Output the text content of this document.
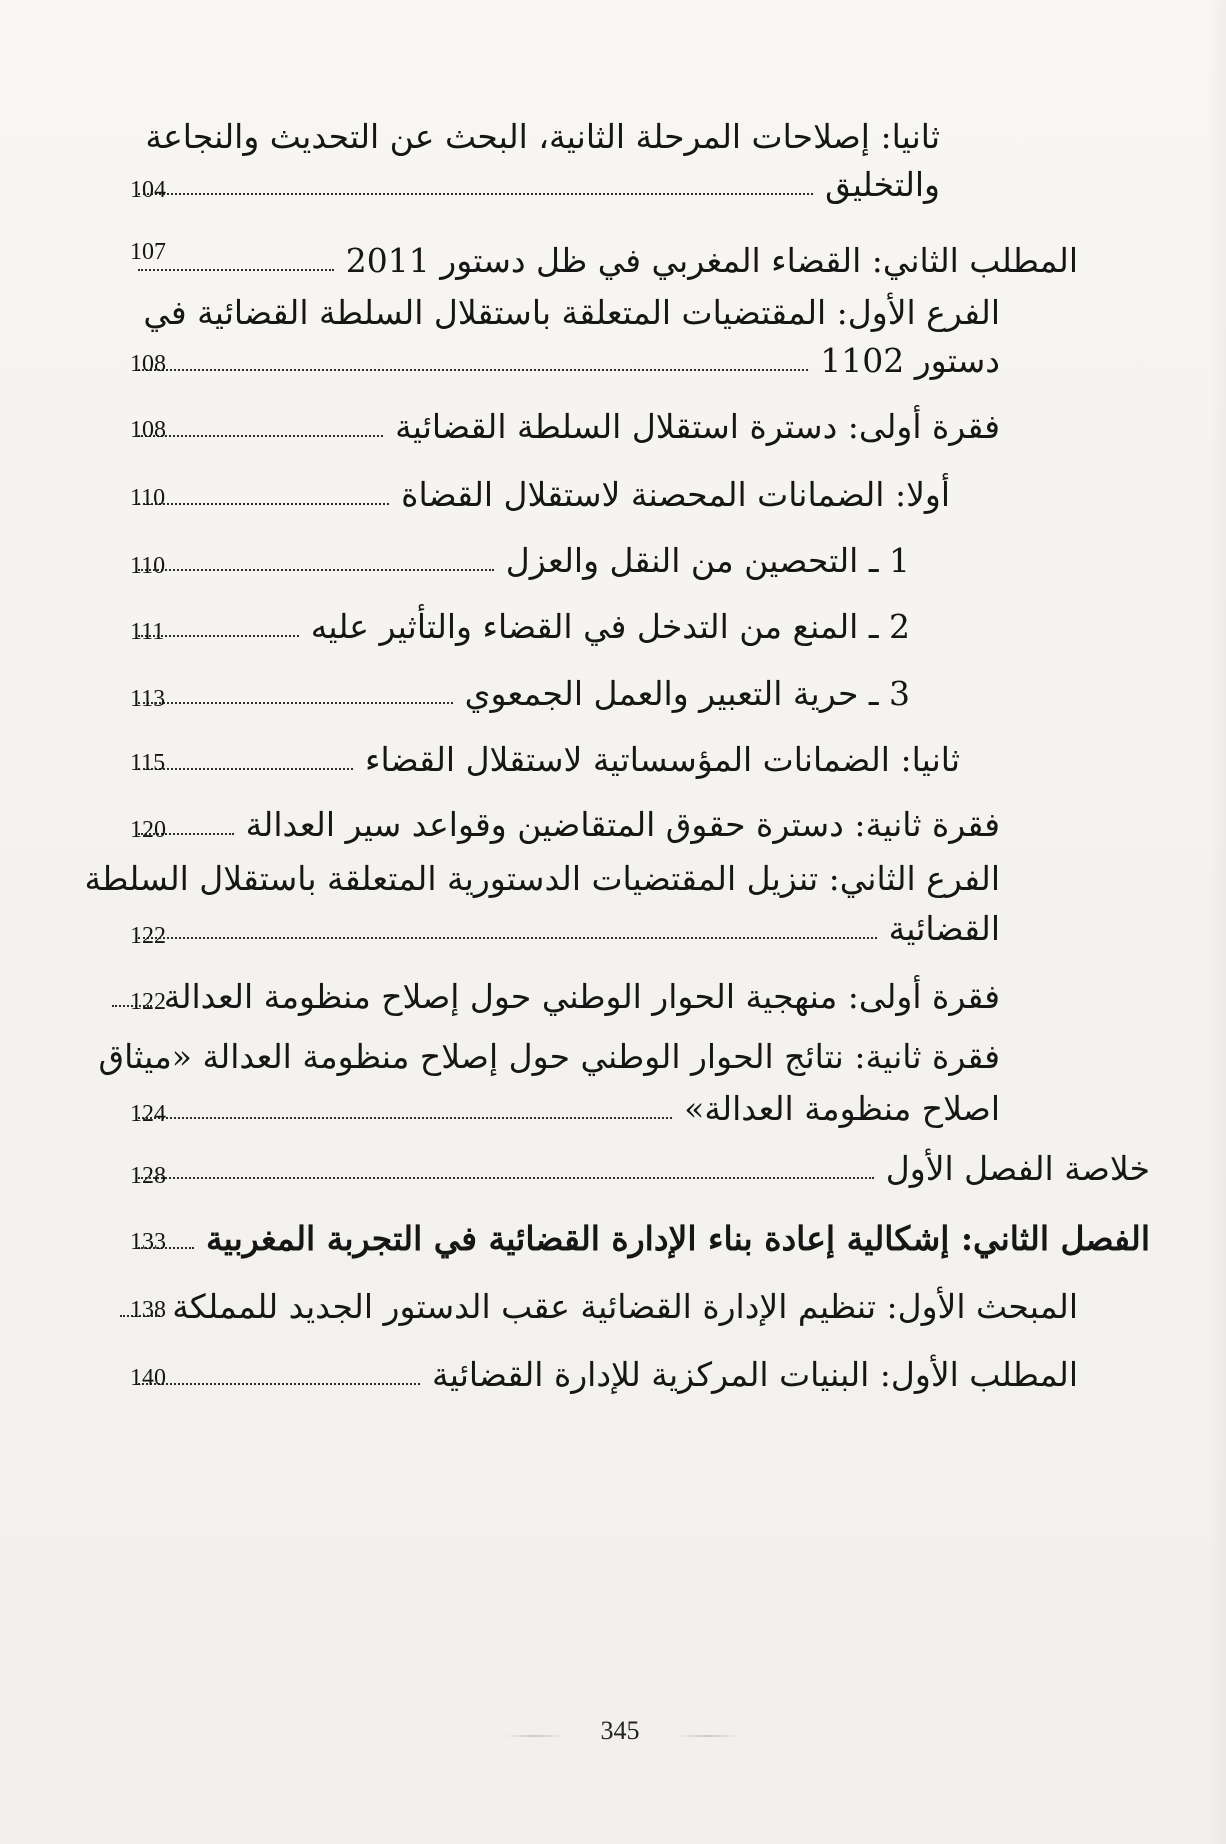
ثانيا: إصلاحات المرحلة الثانية، البحث عن التحديث والنجاعة
والتخليق
104
المطلب الثاني: القضاء المغربي في ظل دستور 2011
107
الفرع الأول: المقتضيات المتعلقة باستقلال السلطة القضائية في
دستور 1102
108
فقرة أولى: دسترة استقلال السلطة القضائية
108
أولا: الضمانات المحصنة لاستقلال القضاة
110
1 ـ التحصين من النقل والعزل
110
2 ـ المنع من التدخل في القضاء والتأثير عليه
111
3 ـ حرية التعبير والعمل الجمعوي
113
ثانيا: الضمانات المؤسساتية لاستقلال القضاء
115
فقرة ثانية: دسترة حقوق المتقاضين وقواعد سير العدالة
120
الفرع الثاني: تنزيل المقتضيات الدستورية المتعلقة باستقلال السلطة
القضائية
122
فقرة أولى: منهجية الحوار الوطني حول إصلاح منظومة العدالة
122
فقرة ثانية: نتائج الحوار الوطني حول إصلاح منظومة العدالة «ميثاق
اصلاح منظومة العدالة»
124
خلاصة الفصل الأول
128
الفصل الثاني: إشكالية إعادة بناء الإدارة القضائية في التجربة المغربية
133
المبحث الأول: تنظيم الإدارة القضائية عقب الدستور الجديد للمملكة
138
المطلب الأول: البنيات المركزية للإدارة القضائية
140
345
